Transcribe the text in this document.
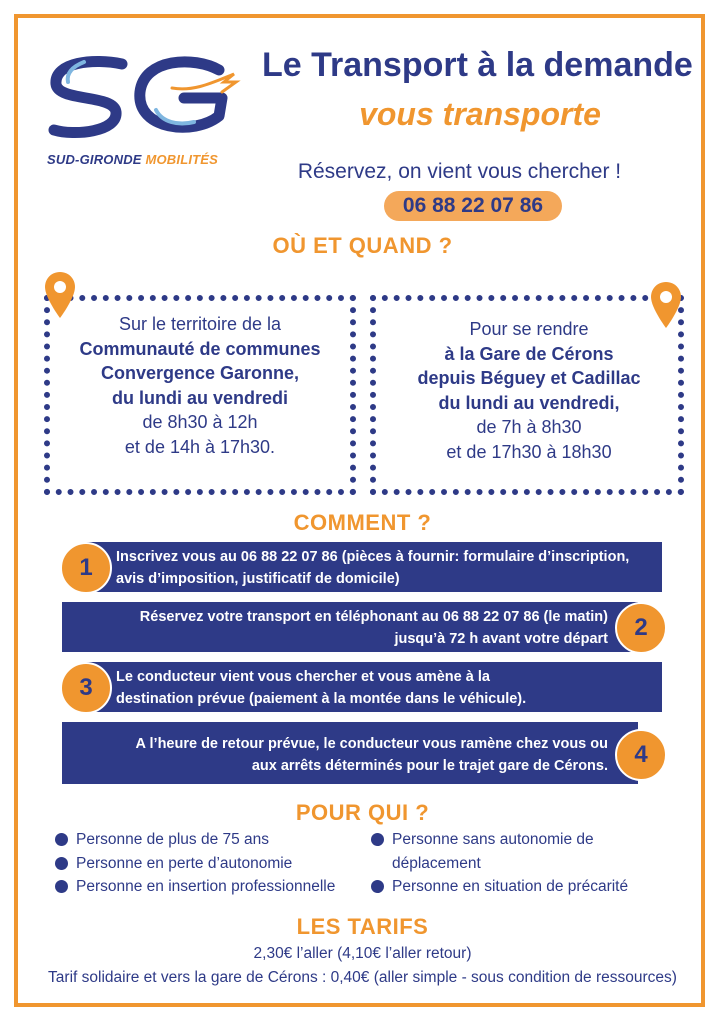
SUD-GIRONDE MOBILITÉS
Le Transport à la demande
vous transporte
Réservez, on vient vous chercher !
06 88 22 07 86
OÙ ET QUAND ?
Sur le territoire de la
Communauté de communes
Convergence Garonne,
du lundi au vendredi
de 8h30 à 12h
et de 14h à 17h30.
Pour se rendre
à la Gare de Cérons
depuis Béguey et Cadillac
du lundi au vendredi,
de 7h à 8h30
et de 17h30 à 18h30
COMMENT ?
Inscrivez vous au 06 88 22 07 86 (pièces à fournir: formulaire d’inscription,
avis d’imposition, justificatif de domicile)
1
Réservez votre transport en téléphonant au 06 88 22 07 86 (le matin)
jusqu’à 72 h avant votre départ	2
Le conducteur vient vous chercher et vous amène à la
destination prévue (paiement à la montée dans le véhicule).
3
A l’heure de retour prévue, le conducteur vous ramène chez vous ou
aux arrêts déterminés pour le trajet gare de Cérons.	4
POUR QUI ?
Personne de plus de 75 ans
Personne en perte d’autonomie
Personne en insertion professionnelle
Personne sans autonomie de déplacement
Personne en situation de précarité
LES TARIFS
2,30€ l’aller (4,10€ l’aller retour)
Tarif solidaire et vers la gare de Cérons : 0,40€ (aller simple - sous condition de ressources)
